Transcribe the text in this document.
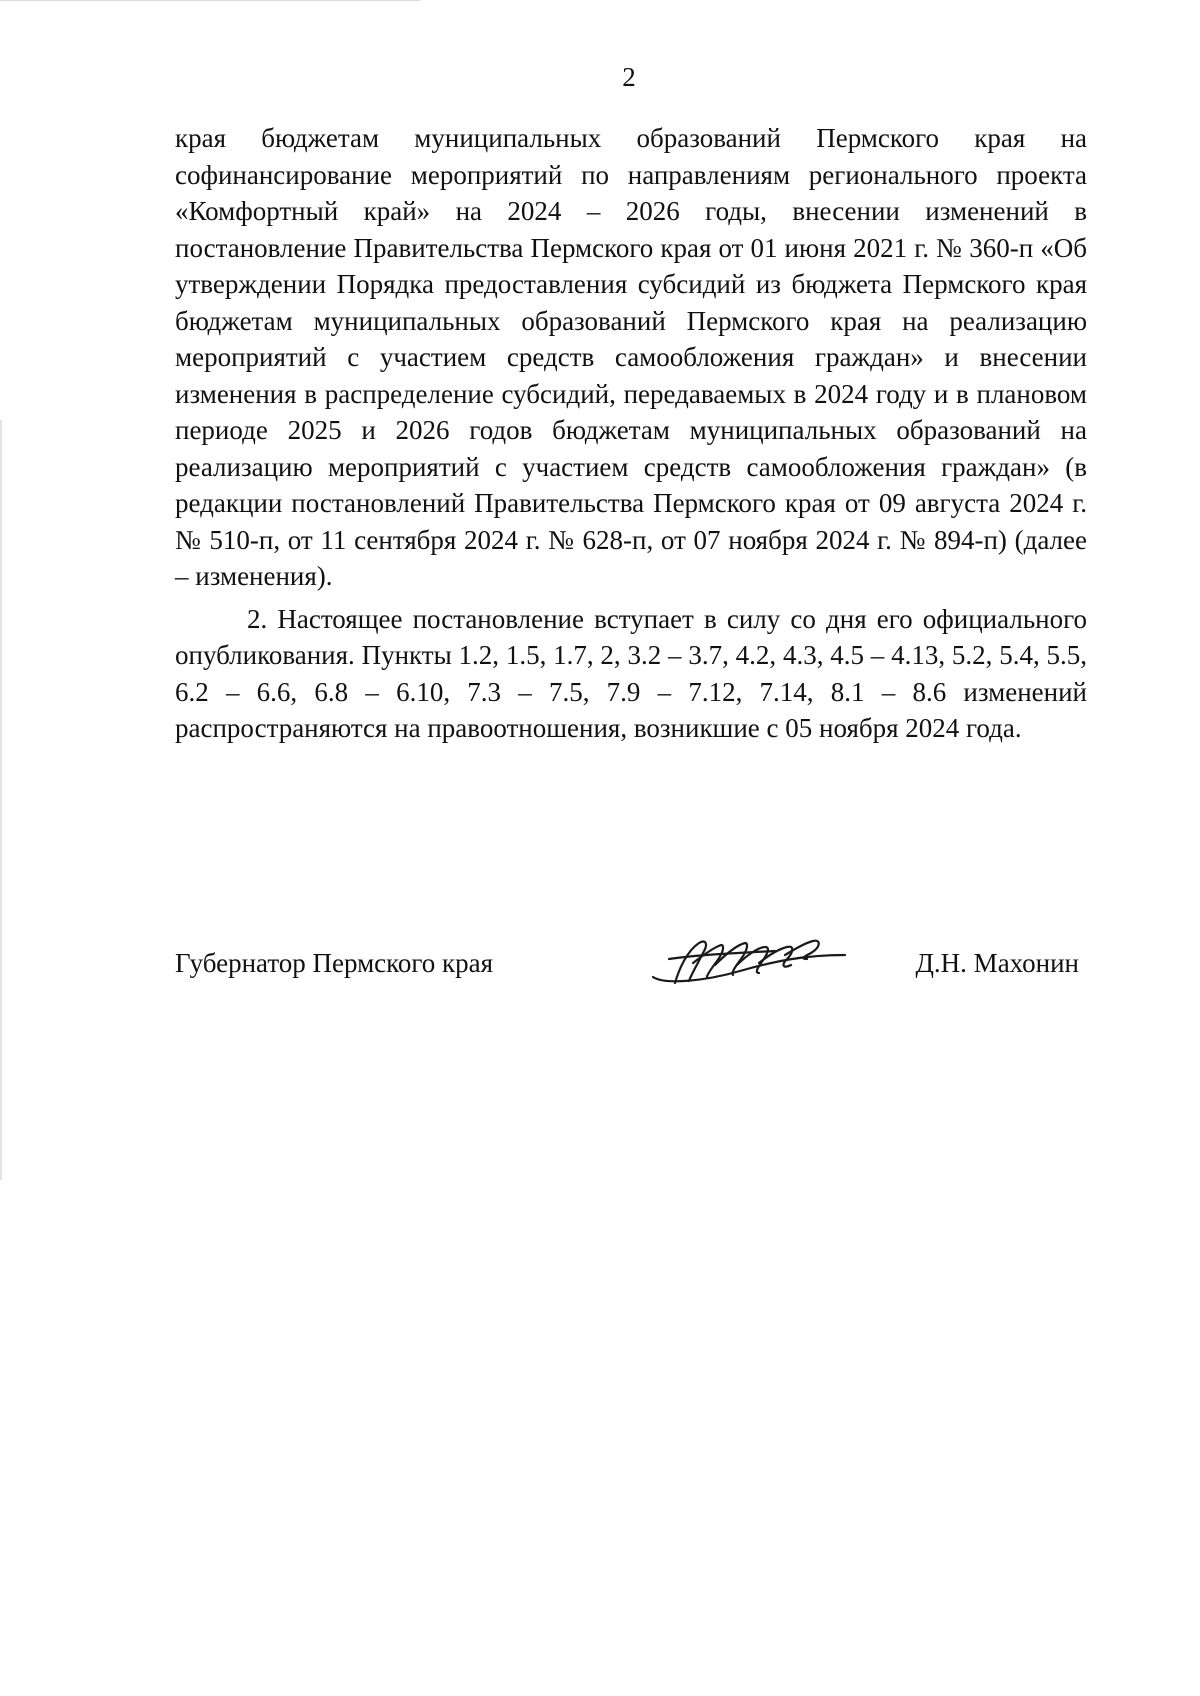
2

края бюджетам муниципальных образований Пермского края на софинансирование мероприятий по направлениям регионального проекта «Комфортный край» на 2024 – 2026 годы, внесении изменений в постановление Правительства Пермского края от 01 июня 2021 г. № 360-п «Об утверждении Порядка предоставления субсидий из бюджета Пермского края бюджетам муниципальных образований Пермского края на реализацию мероприятий с участием средств самообложения граждан» и внесении изменения в распределение субсидий, передаваемых в 2024 году и в плановом периоде 2025 и 2026 годов бюджетам муниципальных образований на реализацию мероприятий с участием средств самообложения граждан» (в редакции постановлений Правительства Пермского края от 09 августа 2024 г. № 510-п, от 11 сентября 2024 г. № 628-п, от 07 ноября 2024 г. № 894-п) (далее – изменения).

2. Настоящее постановление вступает в силу со дня его официального опубликования. Пункты 1.2, 1.5, 1.7, 2, 3.2 – 3.7, 4.2, 4.3, 4.5 – 4.13, 5.2, 5.4, 5.5, 6.2 – 6.6, 6.8 – 6.10, 7.3 – 7.5, 7.9 – 7.12, 7.14, 8.1 – 8.6 изменений распространяются на правоотношения, возникшие с 05 ноября 2024 года.

Губернатор Пермского края	Д.Н. Махонин
